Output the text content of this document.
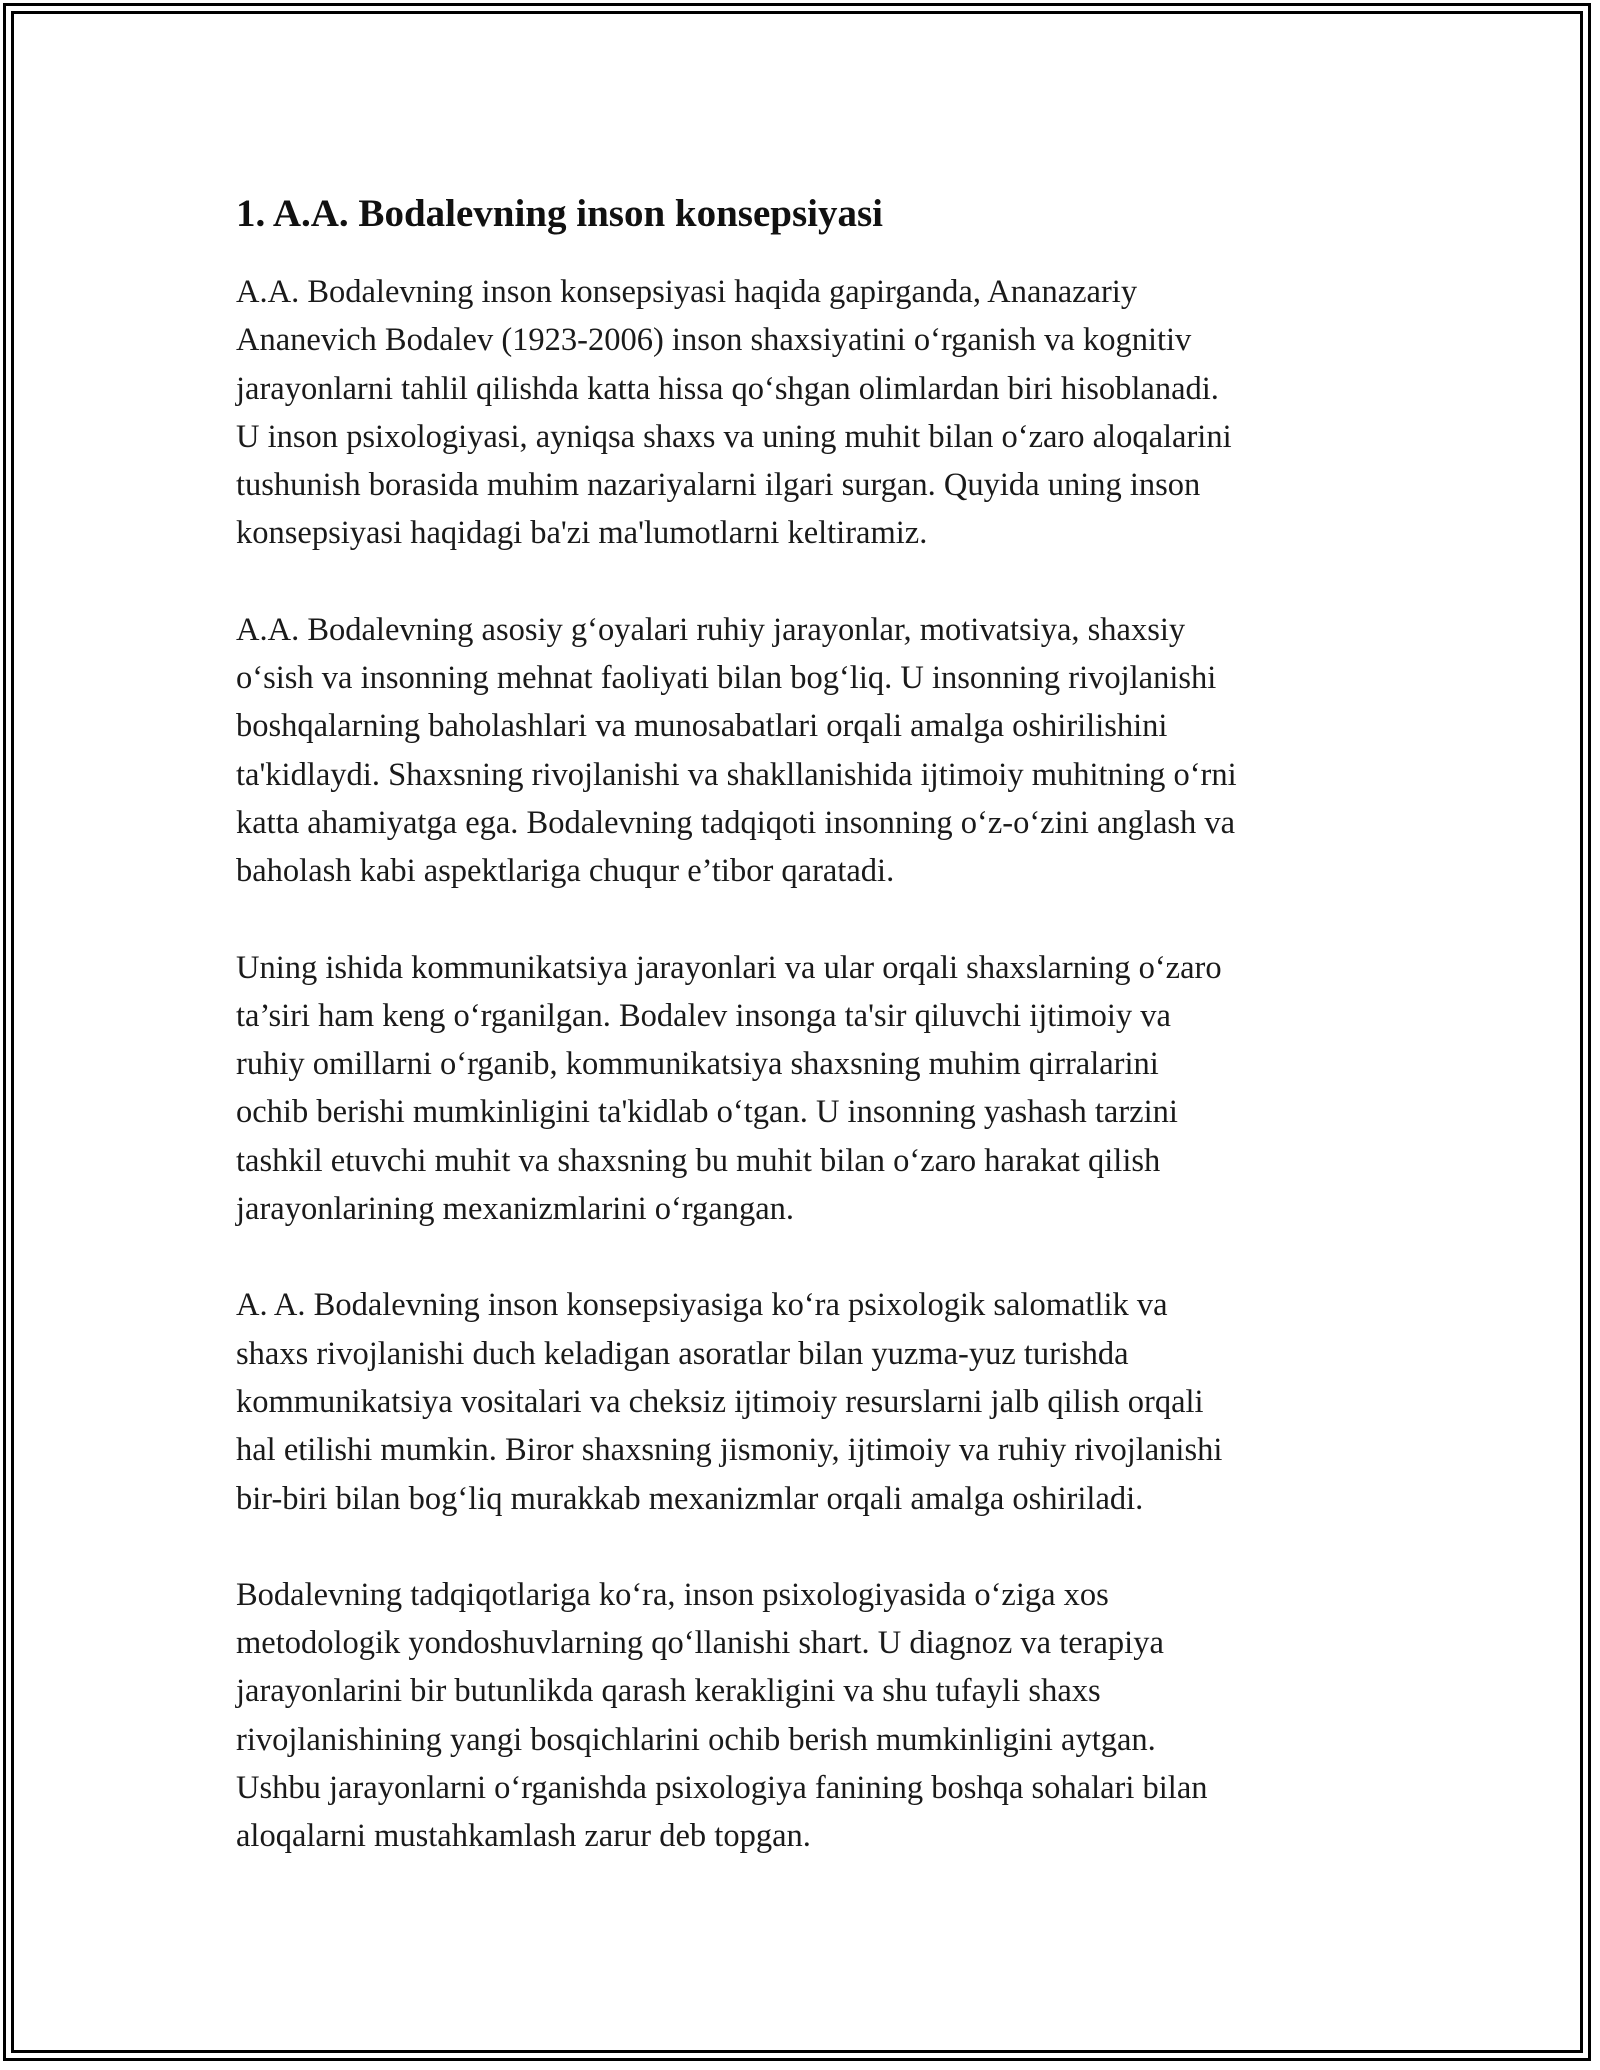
1. A.A. Bodalevning inson konsepsiyasi

A.A. Bodalevning inson konsepsiyasi haqida gapirganda, Ananazariy
Ananevich Bodalev (1923-2006) inson shaxsiyatini o‘rganish va kognitiv
jarayonlarni tahlil qilishda katta hissa qo‘shgan olimlardan biri hisoblanadi.
U inson psixologiyasi, ayniqsa shaxs va uning muhit bilan o‘zaro aloqalarini
tushunish borasida muhim nazariyalarni ilgari surgan. Quyida uning inson
konsepsiyasi haqidagi ba'zi ma'lumotlarni keltiramiz.

A.A. Bodalevning asosiy g‘oyalari ruhiy jarayonlar, motivatsiya, shaxsiy
o‘sish va insonning mehnat faoliyati bilan bog‘liq. U insonning rivojlanishi
boshqalarning baholashlari va munosabatlari orqali amalga oshirilishini
ta'kidlaydi. Shaxsning rivojlanishi va shakllanishida ijtimoiy muhitning o‘rni
katta ahamiyatga ega. Bodalevning tadqiqoti insonning o‘z-o‘zini anglash va
baholash kabi aspektlariga chuqur e’tibor qaratadi.

Uning ishida kommunikatsiya jarayonlari va ular orqali shaxslarning o‘zaro
ta’siri ham keng o‘rganilgan. Bodalev insonga ta'sir qiluvchi ijtimoiy va
ruhiy omillarni o‘rganib, kommunikatsiya shaxsning muhim qirralarini
ochib berishi mumkinligini ta'kidlab o‘tgan. U insonning yashash tarzini
tashkil etuvchi muhit va shaxsning bu muhit bilan o‘zaro harakat qilish
jarayonlarining mexanizmlarini o‘rgangan.

A. A. Bodalevning inson konsepsiyasiga ko‘ra psixologik salomatlik va
shaxs rivojlanishi duch keladigan asoratlar bilan yuzma-yuz turishda
kommunikatsiya vositalari va cheksiz ijtimoiy resurslarni jalb qilish orqali
hal etilishi mumkin. Biror shaxsning jismoniy, ijtimoiy va ruhiy rivojlanishi
bir-biri bilan bog‘liq murakkab mexanizmlar orqali amalga oshiriladi.

Bodalevning tadqiqotlariga ko‘ra, inson psixologiyasida o‘ziga xos
metodologik yondoshuvlarning qo‘llanishi shart. U diagnoz va terapiya
jarayonlarini bir butunlikda qarash kerakligini va shu tufayli shaxs
rivojlanishining yangi bosqichlarini ochib berish mumkinligini aytgan.
Ushbu jarayonlarni o‘rganishda psixologiya fanining boshqa sohalari bilan
aloqalarni mustahkamlash zarur deb topgan.
